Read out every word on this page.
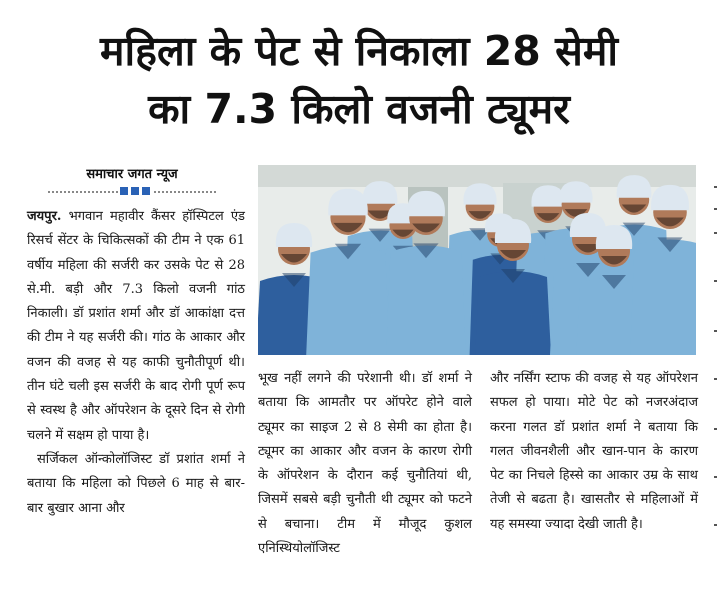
महिला के पेट से निकाला 28 सेमी
का 7.3 किलो वजनी ट्यूमर
समाचार जगत न्यूज

जयपुर. भगवान महावीर कैंसर हॉस्पिटल एंड रिसर्च सेंटर के चिकित्सकों की टीम ने एक 61 वर्षीय महिला की सर्जरी कर उसके पेट से 28 से.मी. बड़ी और 7.3 किलो वजनी गांठ निकाली। डॉ प्रशांत शर्मा और डॉ आकांक्षा दत्त की टीम ने यह सर्जरी की। गांठ के आकार और वजन की वजह से यह काफी चुनौतीपूर्ण थी। तीन घंटे चली इस सर्जरी के बाद रोगी पूर्ण रूप से स्वस्थ है और ऑपरेशन के दूसरे दिन से रोगी चलने में सक्षम हो पाया है।

सर्जिकल ऑन्कोलॉजिस्ट डॉ प्रशांत शर्मा ने बताया कि महिला को पिछले 6 माह से बार-बार बुखार आना और

भूख नहीं लगने की परेशानी थी। डॉ शर्मा ने बताया कि आमतौर पर ऑपरेट होने वाले ट्यूमर का साइज 2 से 8 सेमी का होता है। ट्यूमर का आकार और वजन के कारण रोगी के ऑपरेशन के दौरान कई चुनौतियां थी, जिसमें सबसे बड़ी चुनौती थी ट्यूमर को फटने से बचाना। टीम में मौजूद कुशल एनिस्थियोलॉजिस्ट

और नर्सिंग स्टाफ की वजह से यह ऑपरेशन सफल हो पाया। मोटे पेट को नजरअंदाज करना गलत डॉ प्रशांत शर्मा ने बताया कि गलत जीवनशैली और खान-पान के कारण पेट का निचले हिस्से का आकार उम्र के साथ तेजी से बढता है। खासतौर से महिलाओं में यह समस्या ज्यादा देखी जाती है।
